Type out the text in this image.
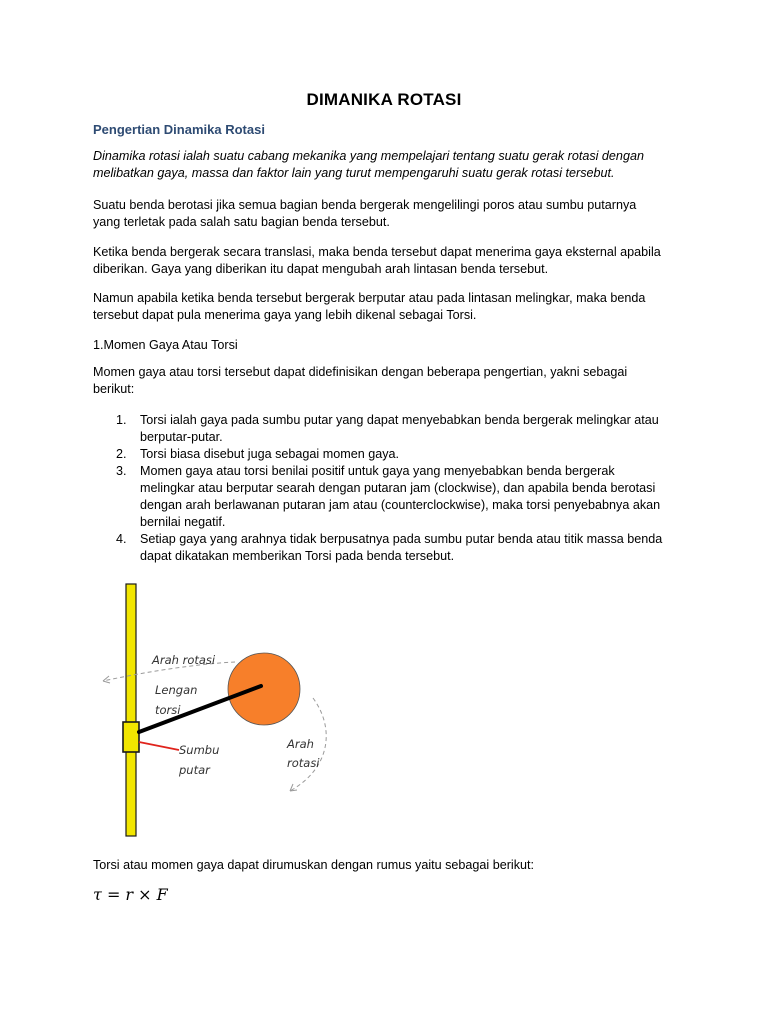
DIMANIKA ROTASI
Pengertian Dinamika Rotasi

Dinamika rotasi ialah suatu cabang mekanika yang mempelajari tentang suatu gerak rotasi dengan
melibatkan gaya, massa dan faktor lain yang turut mempengaruhi suatu gerak rotasi tersebut.

Suatu benda berotasi jika semua bagian benda bergerak mengelilingi poros atau sumbu putarnya
yang terletak pada salah satu bagian benda tersebut.

Ketika benda bergerak secara translasi, maka benda tersebut dapat menerima gaya eksternal apabila
diberikan. Gaya yang diberikan itu dapat mengubah arah lintasan benda tersebut.

Namun apabila ketika benda tersebut bergerak berputar atau pada lintasan melingkar, maka benda
tersebut dapat pula menerima gaya yang lebih dikenal sebagai Torsi.

1.Momen Gaya Atau Torsi

Momen gaya atau torsi tersebut dapat didefinisikan dengan beberapa pengertian, yakni sebagai
berikut:

1. Torsi ialah gaya pada sumbu putar yang dapat menyebabkan benda bergerak melingkar atau
berputar-putar.
2. Torsi biasa disebut juga sebagai momen gaya.
3. Momen gaya atau torsi benilai positif untuk gaya yang menyebabkan benda bergerak
melingkar atau berputar searah dengan putaran jam (clockwise), dan apabila benda berotasi
dengan arah berlawanan putaran jam atau (counterclockwise), maka torsi penyebabnya akan
bernilai negatif.
4. Setiap gaya yang arahnya tidak berpusatnya pada sumbu putar benda atau titik massa benda
dapat dikatakan memberikan Torsi pada benda tersebut.
Arah rotasi
Lengan
torsi
Sumbu
putar
Arah
rotasi

Torsi atau momen gaya dapat dirumuskan dengan rumus yaitu sebagai berikut:

τ = r × F
